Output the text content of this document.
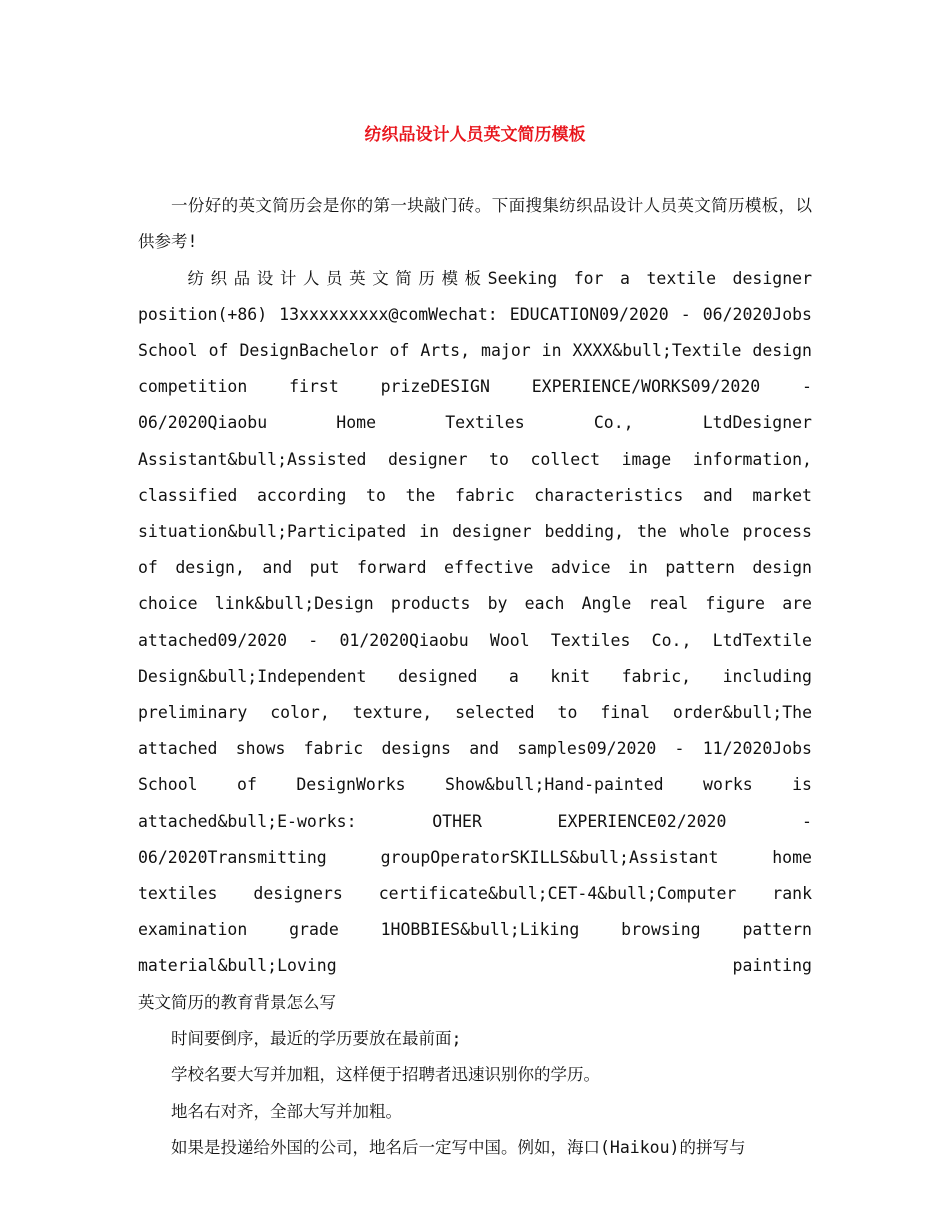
纺织品设计人员英文简历模板

一份好的英文简历会是你的第一块敲门砖。下面搜集纺织品设计人员英文简历模板，以供参考!

纺织品设计人员英文简历模板Seeking for a textile designer position(+86) 13xxxxxxxxx@comWechat: EDUCATION09/2020 - 06/2020Jobs School of DesignBachelor of Arts, major in XXXX&bull;Textile design competition first prizeDESIGN EXPERIENCE/WORKS09/2020 - 06/2020Qiaobu Home Textiles Co., LtdDesigner Assistant&bull;Assisted designer to collect image information, classified according to the fabric characteristics and market situation&bull;Participated in designer bedding, the whole process of design, and put forward effective advice in pattern design choice link&bull;Design products by each Angle real figure are attached09/2020 - 01/2020Qiaobu Wool Textiles Co., LtdTextile Design&bull;Independent designed a knit fabric, including preliminary color, texture, selected to final order&bull;The attached shows fabric designs and samples09/2020 - 11/2020Jobs School of DesignWorks Show&bull;Hand-painted works is attached&bull;E-works: OTHER EXPERIENCE02/2020 - 06/2020Transmitting groupOperatorSKILLS&bull;Assistant home textiles designers certificate&bull;CET-4&bull;Computer rank examination grade 1HOBBIES&bull;Liking browsing pattern material&bull;Loving painting

英文简历的教育背景怎么写

时间要倒序，最近的学历要放在最前面;

学校名要大写并加粗，这样便于招聘者迅速识别你的学历。

地名右对齐，全部大写并加粗。

如果是投递给外国的公司，地名后一定写中国。例如，海口(Haikou)的拼写与
